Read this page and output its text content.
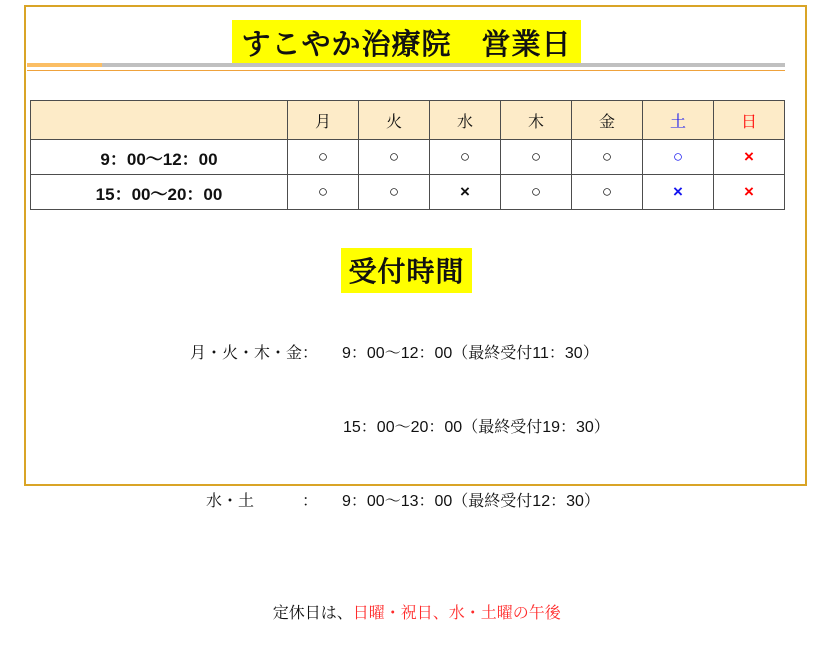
すこやか治療院　営業日
	月	火	水	木	金	土	日
9：00～12：00	○	○	○	○	○	○	×
15：00～20：00	○	○	×	○	○	×	×
受付時間

月・火・木・金：　　9：00～12：00（最終受付11：30）

15：00～20：00（最終受付19：30）

　水・土　　　：　　9：00～13：00（最終受付12：30）

定休日は、日曜・祝日、水・土曜の午後
